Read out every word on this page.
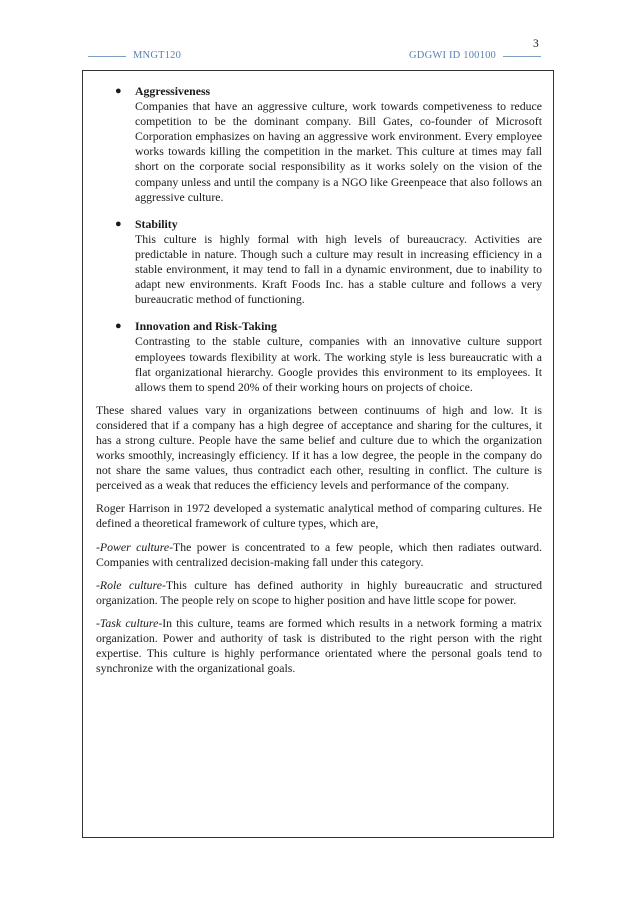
3
MNGT120	GDGWI ID 100100
● Aggressiveness
Companies that have an aggressive culture, work towards competiveness to reduce competition to be the dominant company. Bill Gates, co-founder of Microsoft Corporation emphasizes on having an aggressive work environment. Every employee works towards killing the competition in the market. This culture at times may fall short on the corporate social responsibility as it works solely on the vision of the company unless and until the company is a NGO like Greenpeace that also follows an aggressive culture.
● Stability
This culture is highly formal with high levels of bureaucracy. Activities are predictable in nature. Though such a culture may result in increasing efficiency in a stable environment, it may tend to fall in a dynamic environment, due to inability to adapt new environments. Kraft Foods Inc. has a stable culture and follows a very bureaucratic method of functioning.
● Innovation and Risk-Taking
Contrasting to the stable culture, companies with an innovative culture support employees towards flexibility at work. The working style is less bureaucratic with a flat organizational hierarchy. Google provides this environment to its employees. It allows them to spend 20% of their working hours on projects of choice.

These shared values vary in organizations between continuums of high and low. It is considered that if a company has a high degree of acceptance and sharing for the cultures, it has a strong culture. People have the same belief and culture due to which the organization works smoothly, increasingly efficiency. If it has a low degree, the people in the company do not share the same values, thus contradict each other, resulting in conflict. The culture is perceived as a weak that reduces the efficiency levels and performance of the company.

Roger Harrison in 1972 developed a systematic analytical method of comparing cultures. He defined a theoretical framework of culture types, which are,

-Power culture-The power is concentrated to a few people, which then radiates outward. Companies with centralized decision-making fall under this category.

-Role culture-This culture has defined authority in highly bureaucratic and structured organization. The people rely on scope to higher position and have little scope for power.

-Task culture-In this culture, teams are formed which results in a network forming a matrix organization. Power and authority of task is distributed to the right person with the right expertise. This culture is highly performance orientated where the personal goals tend to synchronize with the organizational goals.
